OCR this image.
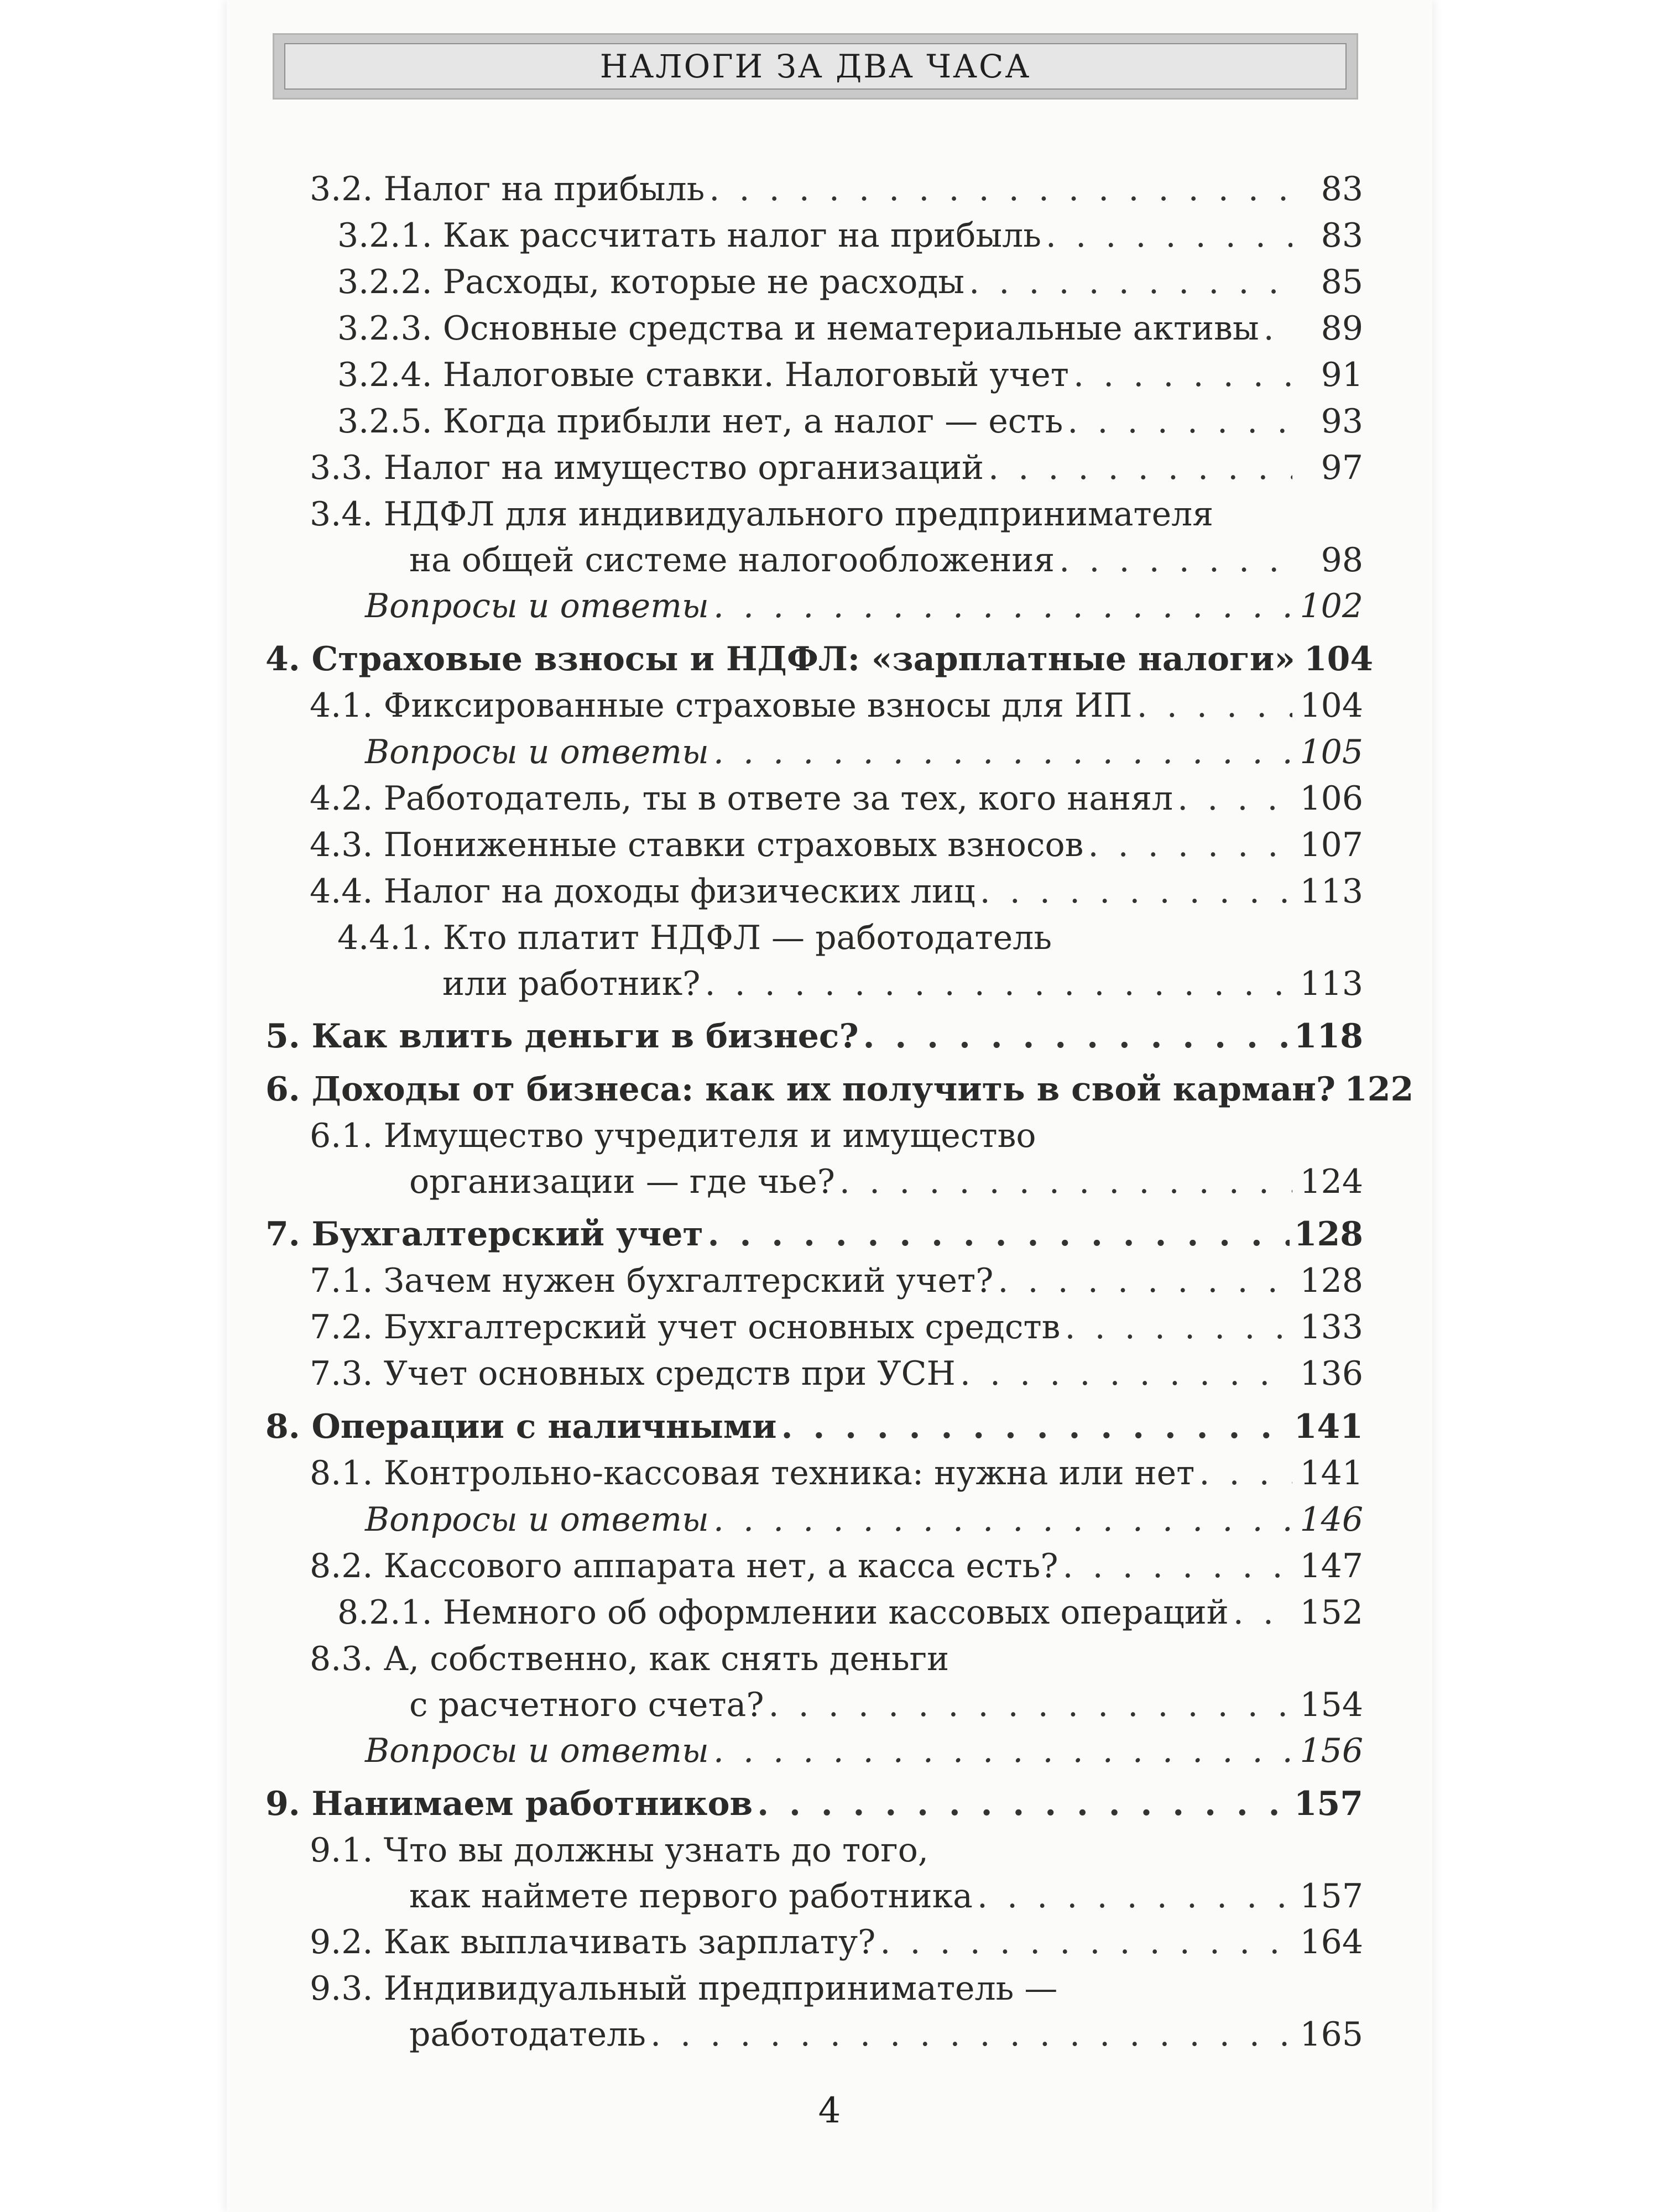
НАЛОГИ ЗА ДВА ЧАСА
3.2. Налог на прибыль . . .	83
3.2.1. Как рассчитать налог на прибыль . . .	83
3.2.2. Расходы, которые не расходы . . .	85
3.2.3. Основные средства и нематериальные активы . . .	89
3.2.4. Налоговые ставки. Налоговый учет . . .	91
3.2.5. Когда прибыли нет, а налог — есть . . .	93
3.3. Налог на имущество организаций . . .	97
3.4. НДФЛ для индивидуального предпринимателя
на общей системе налогообложения . . .	98
Вопросы и ответы . . .	102
4. Страховые взносы и НДФЛ: «зарплатные налоги» 104
4.1. Фиксированные страховые взносы для ИП . . .	104
Вопросы и ответы . . .	105
4.2. Работодатель, ты в ответе за тех, кого нанял . . .	106
4.3. Пониженные ставки страховых взносов . . .	107
4.4. Налог на доходы физических лиц . . .	113
4.4.1. Кто платит НДФЛ — работодатель
или работник? . . .	113
5. Как влить деньги в бизнес? . . .	118
6. Доходы от бизнеса: как их получить в свой карман? 122
6.1. Имущество учредителя и имущество
организации — где чье? . . .	124
7. Бухгалтерский учет . . .	128
7.1. Зачем нужен бухгалтерский учет? . . .	128
7.2. Бухгалтерский учет основных средств . . .	133
7.3. Учет основных средств при УСН . . .	136
8. Операции с наличными . . .	141
8.1. Контрольно-кассовая техника: нужна или нет . . .	141
Вопросы и ответы . . .	146
8.2. Кассового аппарата нет, а касса есть? . . .	147
8.2.1. Немного об оформлении кассовых операций . . . 152
8.3. А, собственно, как снять деньги
с расчетного счета? . . .	154
Вопросы и ответы . . .	156
9. Нанимаем работников . . .	157
9.1. Что вы должны узнать до того,
как наймете первого работника . . .	157
9.2. Как выплачивать зарплату? . . .	164
9.3. Индивидуальный предприниматель —
работодатель . . .	165
4
